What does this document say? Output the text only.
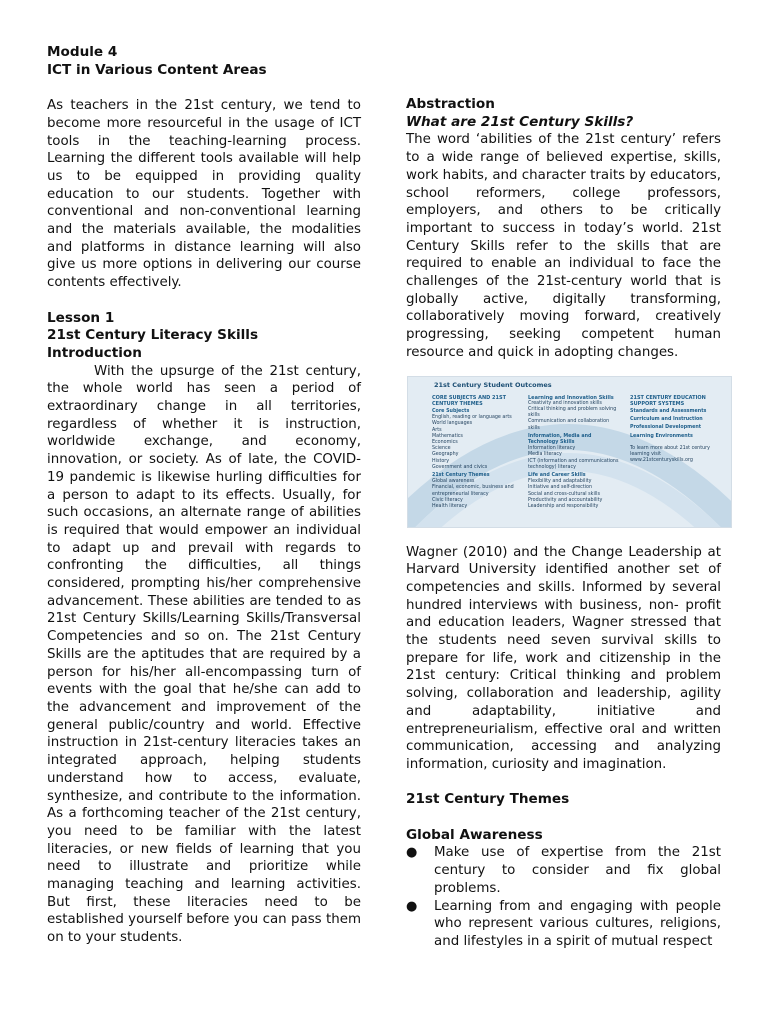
Module 4

ICT in Various Content Areas

As teachers in the 21st century, we tend to become more resourceful in the usage of ICT tools in the teaching-learning process. Learning the different tools available will help us to be equipped in providing quality education to our students. Together with conventional and non-conventional learning and the materials available, the modalities and platforms in distance learning will also give us more options in delivering our course contents effectively.

Lesson 1

21st Century Literacy Skills

Introduction

With the upsurge of the 21st century, the whole world has seen a period of extraordinary change in all territories, regardless of whether it is instruction, worldwide exchange, and economy, innovation, or society. As of late, the COVID-19 pandemic is likewise hurling difficulties for a person to adapt to its effects. Usually, for such occasions, an alternate range of abilities is required that would empower an individual to adapt up and prevail with regards to confronting the difficulties, all things considered, prompting his/her comprehensive advancement. These abilities are tended to as 21st Century Skills/Learning Skills/Transversal Competencies and so on. The 21st Century Skills are the aptitudes that are required by a person for his/her all-encompassing turn of events with the goal that he/she can add to the advancement and improvement of the general public/country and world. Effective instruction in 21st-century literacies takes an integrated approach, helping students understand how to access, evaluate, synthesize, and contribute to the information. As a forthcoming teacher of the 21st century, you need to be familiar with the latest literacies, or new fields of learning that you need to illustrate and prioritize while managing teaching and learning activities. But first, these literacies need to be established yourself before you can pass them on to your students.

Abstraction

What are 21st Century Skills?

The word ‘abilities of the 21st century’ refers to a wide range of believed expertise, skills, work habits, and character traits by educators, school reformers, college professors, employers, and others to be critically important to success in today’s world. 21st Century Skills refer to the skills that are required to enable an individual to face the challenges of the 21st-century world that is globally active, digitally transforming, collaboratively moving forward, creatively progressing, seeking competent human resource and quick in adopting changes.

21st Century Student Outcomes
CORE SUBJECTS AND 21ST CENTURY THEMES
Core Subjects
English, reading or language arts
World languages
Arts
Mathematics
Economics
Science
Geography
History
Government and civics
21st Century Themes
Global awareness
Financial, economic, business and entrepreneurial literacy
Civic literacy
Health literacy
Learning and Innovation Skills
Creativity and innovation skills
Critical thinking and problem solving skills
Communication and collaboration skills
Information, Media and Technology Skills
Information literacy
Media literacy
ICT (information and communications technology) literacy
Life and Career Skills
Flexibility and adaptability
Initiative and self-direction
Social and cross-cultural skills
Productivity and accountability
Leadership and responsibility
21ST CENTURY EDUCATION SUPPORT SYSTEMS
Standards and Assessments
Curriculum and Instruction
Professional Development
Learning Environments
To learn more about 21st century learning visit www.21stcenturyskills.org

Wagner (2010) and the Change Leadership at Harvard University identified another set of competencies and skills. Informed by several hundred interviews with business, non- profit and education leaders, Wagner stressed that the students need seven survival skills to prepare for life, work and citizenship in the 21st century: Critical thinking and problem solving, collaboration and leadership, agility and adaptability, initiative and entrepreneurialism, effective oral and written communication, accessing and analyzing information, curiosity and imagination.

21st Century Themes

Global Awareness

●	Make use of expertise from the 21st century to consider and fix global problems.

●	Learning from and engaging with people who represent various cultures, religions, and lifestyles in a spirit of mutual respect
